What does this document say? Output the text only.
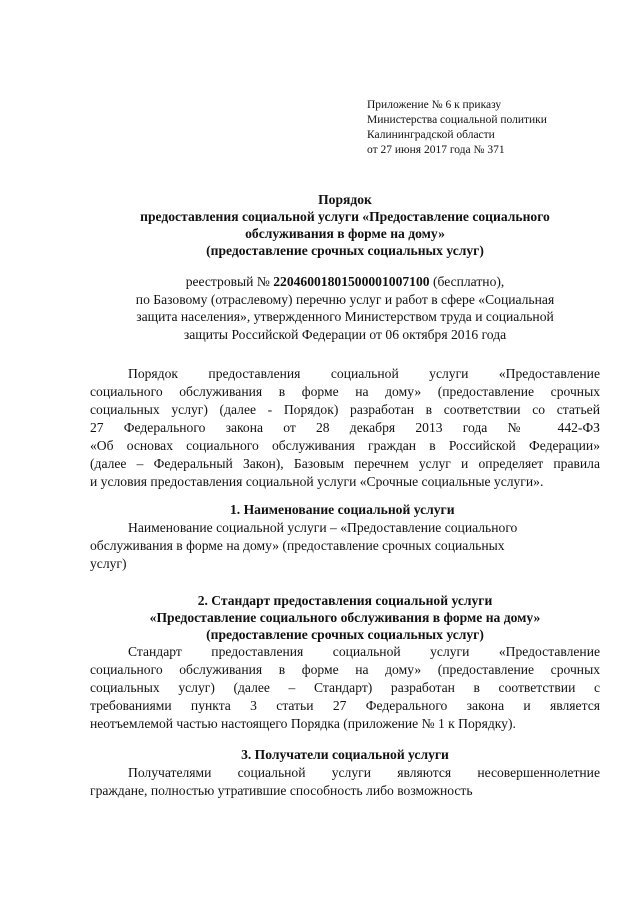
Приложение № 6 к приказу
Министерства социальной политики
Калининградской области
от 27 июня 2017 года № 371
Порядок
предоставления социальной услуги «Предоставление социального
обслуживания в форме на дому»
(предоставление срочных социальных услуг)
реестровый № 22046001801500001007100 (бесплатно),
по Базовому (отраслевому) перечню услуг и работ в сфере «Социальная
защита населения», утвержденного Министерством труда и социальной
защиты Российской Федерации от 06 октября 2016 года
Порядок предоставления социальной услуги «Предоставление
социального обслуживания в форме на дому» (предоставление срочных
социальных услуг) (далее - Порядок) разработан в соответствии со статьей
27 Федерального закона от 28 декабря 2013 года № 442-ФЗ
«Об основах социального обслуживания граждан в Российской Федерации»
(далее – Федеральный Закон), Базовым перечнем услуг и определяет правила
и условия предоставления социальной услуги «Срочные социальные услуги».
1. Наименование социальной услуги
Наименование социальной услуги – «Предоставление социального
обслуживания в форме на дому» (предоставление срочных социальных
услуг)
2. Стандарт предоставления социальной услуги
«Предоставление социального обслуживания в форме на дому»
(предоставление срочных социальных услуг)
Стандарт предоставления социальной услуги «Предоставление
социального обслуживания в форме на дому» (предоставление срочных
социальных услуг) (далее – Стандарт) разработан в соответствии с
требованиями пункта 3 статьи 27 Федерального закона и является
неотъемлемой частью настоящего Порядка (приложение № 1 к Порядку).
3. Получатели социальной услуги
Получателями социальной услуги являются несовершеннолетние
граждане, полностью утратившие способность либо возможность
